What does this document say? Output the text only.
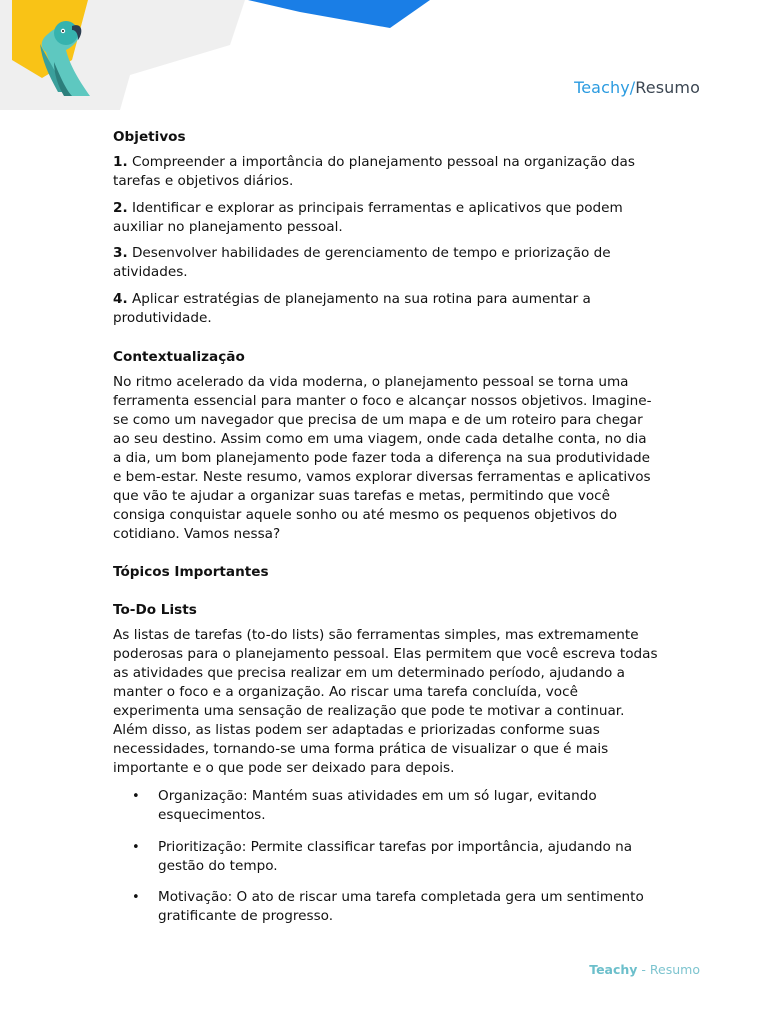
Teachy/Resumo
Objetivos

1. Compreender a importância do planejamento pessoal na organização das tarefas e objetivos diários.

2. Identificar e explorar as principais ferramentas e aplicativos que podem auxiliar no planejamento pessoal.

3. Desenvolver habilidades de gerenciamento de tempo e priorização de atividades.

4. Aplicar estratégias de planejamento na sua rotina para aumentar a produtividade.

Contextualização

No ritmo acelerado da vida moderna, o planejamento pessoal se torna uma ferramenta essencial para manter o foco e alcançar nossos objetivos. Imagine-se como um navegador que precisa de um mapa e de um roteiro para chegar ao seu destino. Assim como em uma viagem, onde cada detalhe conta, no dia a dia, um bom planejamento pode fazer toda a diferença na sua produtividade e bem-estar. Neste resumo, vamos explorar diversas ferramentas e aplicativos que vão te ajudar a organizar suas tarefas e metas, permitindo que você consiga conquistar aquele sonho ou até mesmo os pequenos objetivos do cotidiano. Vamos nessa?

Tópicos Importantes
To-Do Lists

As listas de tarefas (to-do lists) são ferramentas simples, mas extremamente poderosas para o planejamento pessoal. Elas permitem que você escreva todas as atividades que precisa realizar em um determinado período, ajudando a manter o foco e a organização. Ao riscar uma tarefa concluída, você experimenta uma sensação de realização que pode te motivar a continuar. Além disso, as listas podem ser adaptadas e priorizadas conforme suas necessidades, tornando-se uma forma prática de visualizar o que é mais importante e o que pode ser deixado para depois.

• Organização: Mantém suas atividades em um só lugar, evitando esquecimentos.
• Prioritização: Permite classificar tarefas por importância, ajudando na gestão do tempo.
• Motivação: O ato de riscar uma tarefa completada gera um sentimento gratificante de progresso.
Teachy - Resumo
